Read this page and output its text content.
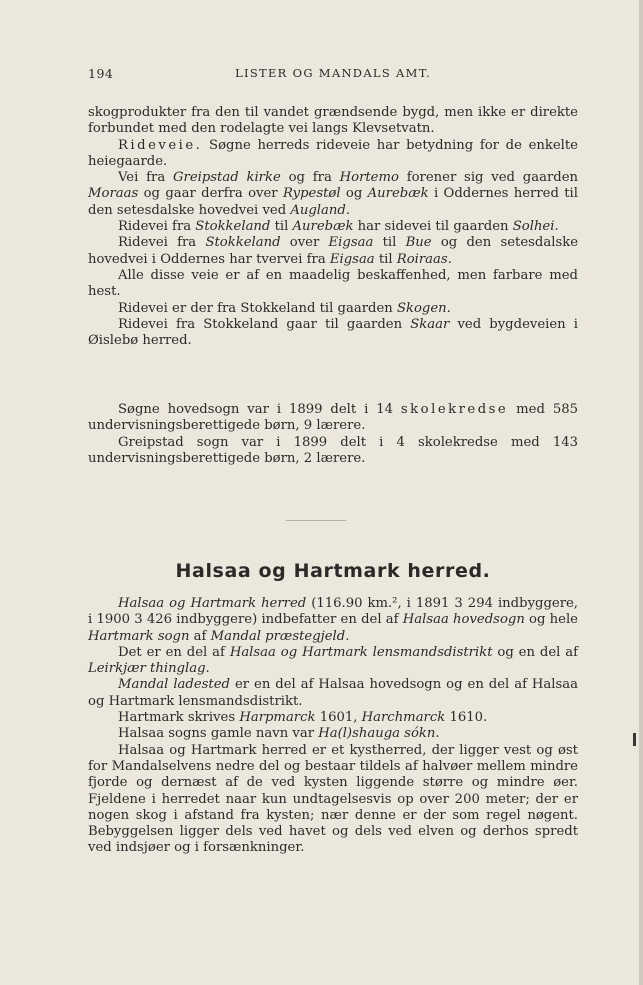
194	LISTER OG MANDALS AMT.

skogprodukter fra den til vandet grændsende bygd, men ikke er direkte forbundet med den rodelagte vei langs Klevsetvatn.

Rideveie. Søgne herreds rideveie har betydning for de enkelte heiegaarde.

Vei fra Greipstad kirke og fra Hortemo forener sig ved gaarden Moraas og gaar derfra over Rypestøl og Aurebæk i Oddernes herred til den setesdalske hovedvei ved Augland.

Ridevei fra Stokkeland til Aurebæk har sidevei til gaarden Solhei.

Ridevei fra Stokkeland over Eigsaa til Bue og den setesdalske hovedvei i Oddernes har tvervei fra Eigsaa til Roiraas.

Alle disse veie er af en maadelig beskaffenhed, men farbare med hest.

Ridevei er der fra Stokkeland til gaarden Skogen.

Ridevei fra Stokkeland gaar til gaarden Skaar ved bygdeveien i Øislebø herred.

Søgne hovedsogn var i 1899 delt i 14 skolekredse med 585 undervisningsberettigede børn, 9 lærere.

Greipstad sogn var i 1899 delt i 4 skolekredse med 143 undervisningsberettigede børn, 2 lærere.

Halsaa og Hartmark herred.

Halsaa og Hartmark herred (116.90 km.², i 1891 3 294 indbyggere, i 1900 3 426 indbyggere) indbefatter en del af Halsaa hovedsogn og hele Hartmark sogn af Mandal præstegjeld.

Det er en del af Halsaa og Hartmark lensmandsdistrikt og en del af Leirkjær thinglag.

Mandal ladested er en del af Halsaa hovedsogn og en del af Halsaa og Hartmark lensmandsdistrikt.

Hartmark skrives Harpmarck 1601, Harchmarck 1610.

Halsaa sogns gamle navn var Ha(l)shauga sókn.

Halsaa og Hartmark herred er et kystherred, der ligger vest og øst for Mandalselvens nedre del og bestaar tildels af halvøer mellem mindre fjorde og dernæst af de ved kysten liggende større og mindre øer. Fjeldene i herredet naar kun undtagelsesvis op over 200 meter; der er nogen skog i afstand fra kysten; nær denne er der som regel nøgent. Bebyggelsen ligger dels ved havet og dels ved elven og derhos spredt ved indsjøer og i forsænkninger.
